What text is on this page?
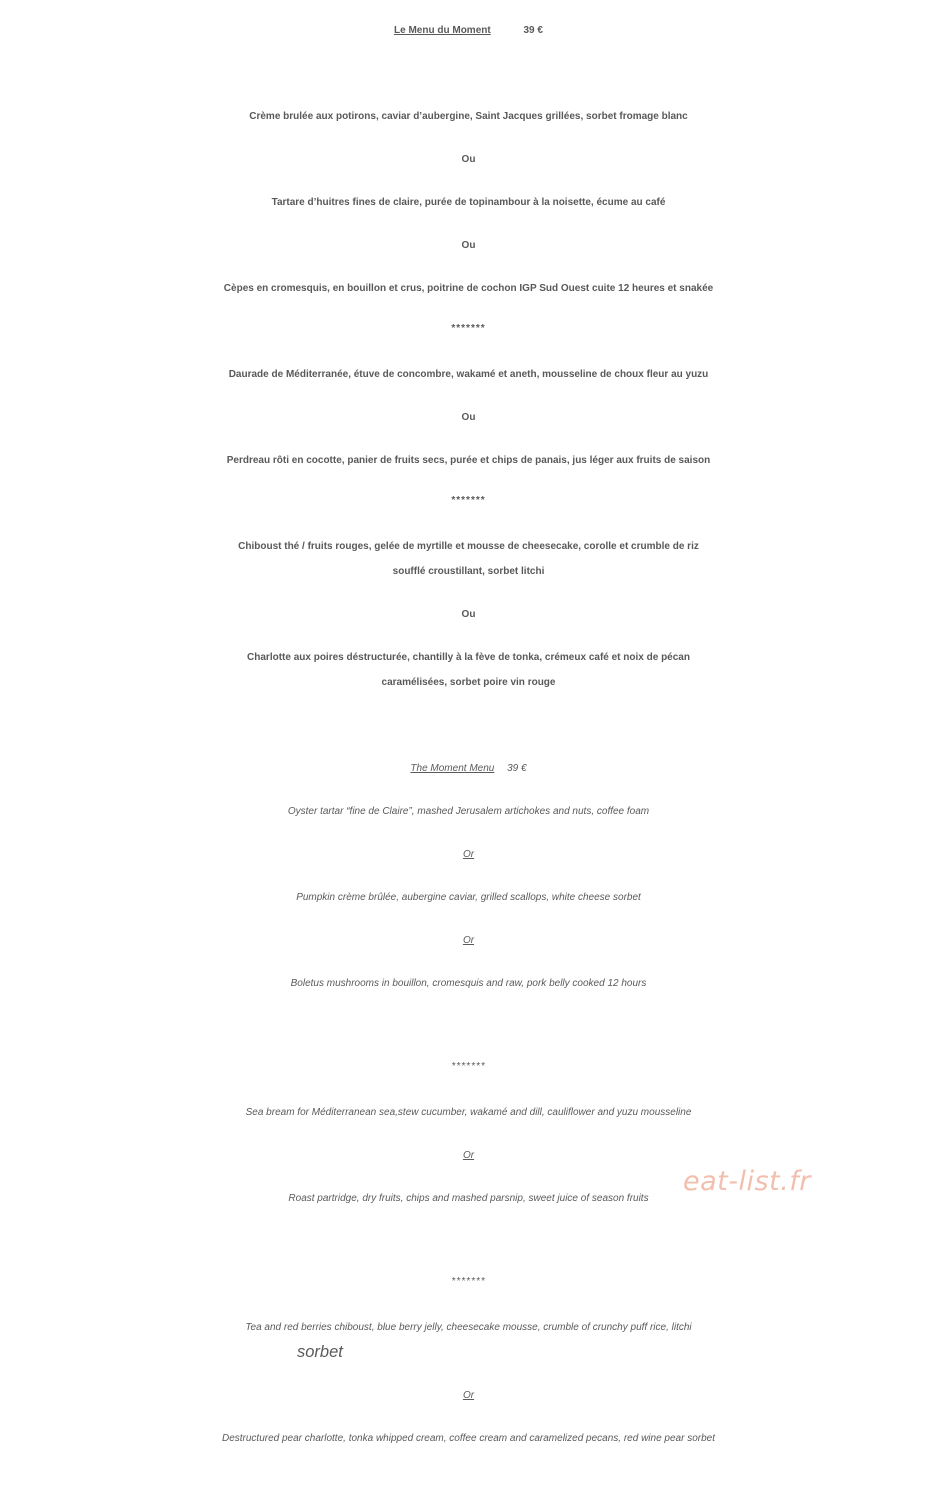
Le Menu du Moment	39 €
Crème brulée aux potirons, caviar d’aubergine, Saint Jacques grillées, sorbet fromage blanc
Ou
Tartare d’huitres fines de claire, purée de topinambour à la noisette, écume au café
Ou
Cèpes en cromesquis, en bouillon et crus, poitrine de cochon IGP Sud Ouest cuite 12 heures et snakée
*******
Daurade de Méditerranée, étuve de concombre, wakamé et aneth, mousseline de choux fleur au yuzu
Ou
Perdreau rôti en cocotte, panier de fruits secs, purée et chips de panais, jus léger aux fruits de saison
*******
Chiboust thé / fruits rouges, gelée de myrtille et mousse de cheesecake, corolle et crumble de riz
soufflé croustillant, sorbet litchi
Ou
Charlotte aux poires déstructurée, chantilly à la fève de tonka, crémeux café et noix de pécan
caramélisées, sorbet poire vin rouge
The Moment Menu 39 €
Oyster tartar “fine de Claire”, mashed Jerusalem artichokes and nuts, coffee foam
Or
Pumpkin crème brûlée, aubergine caviar, grilled scallops, white cheese sorbet
Or
Boletus mushrooms in bouillon, cromesquis and raw, pork belly cooked 12 hours
*******
Sea bream for Méditerranean sea,stew cucumber, wakamé and dill, cauliflower and yuzu mousseline
Or
Roast partridge, dry fruits, chips and mashed parsnip, sweet juice of season fruits
*******
Tea and red berries chiboust, blue berry jelly, cheesecake mousse, crumble of crunchy puff rice, litchi
sorbet
Or
Destructured pear charlotte, tonka whipped cream, coffee cream and caramelized pecans, red wine pear sorbet
eat-list.fr
